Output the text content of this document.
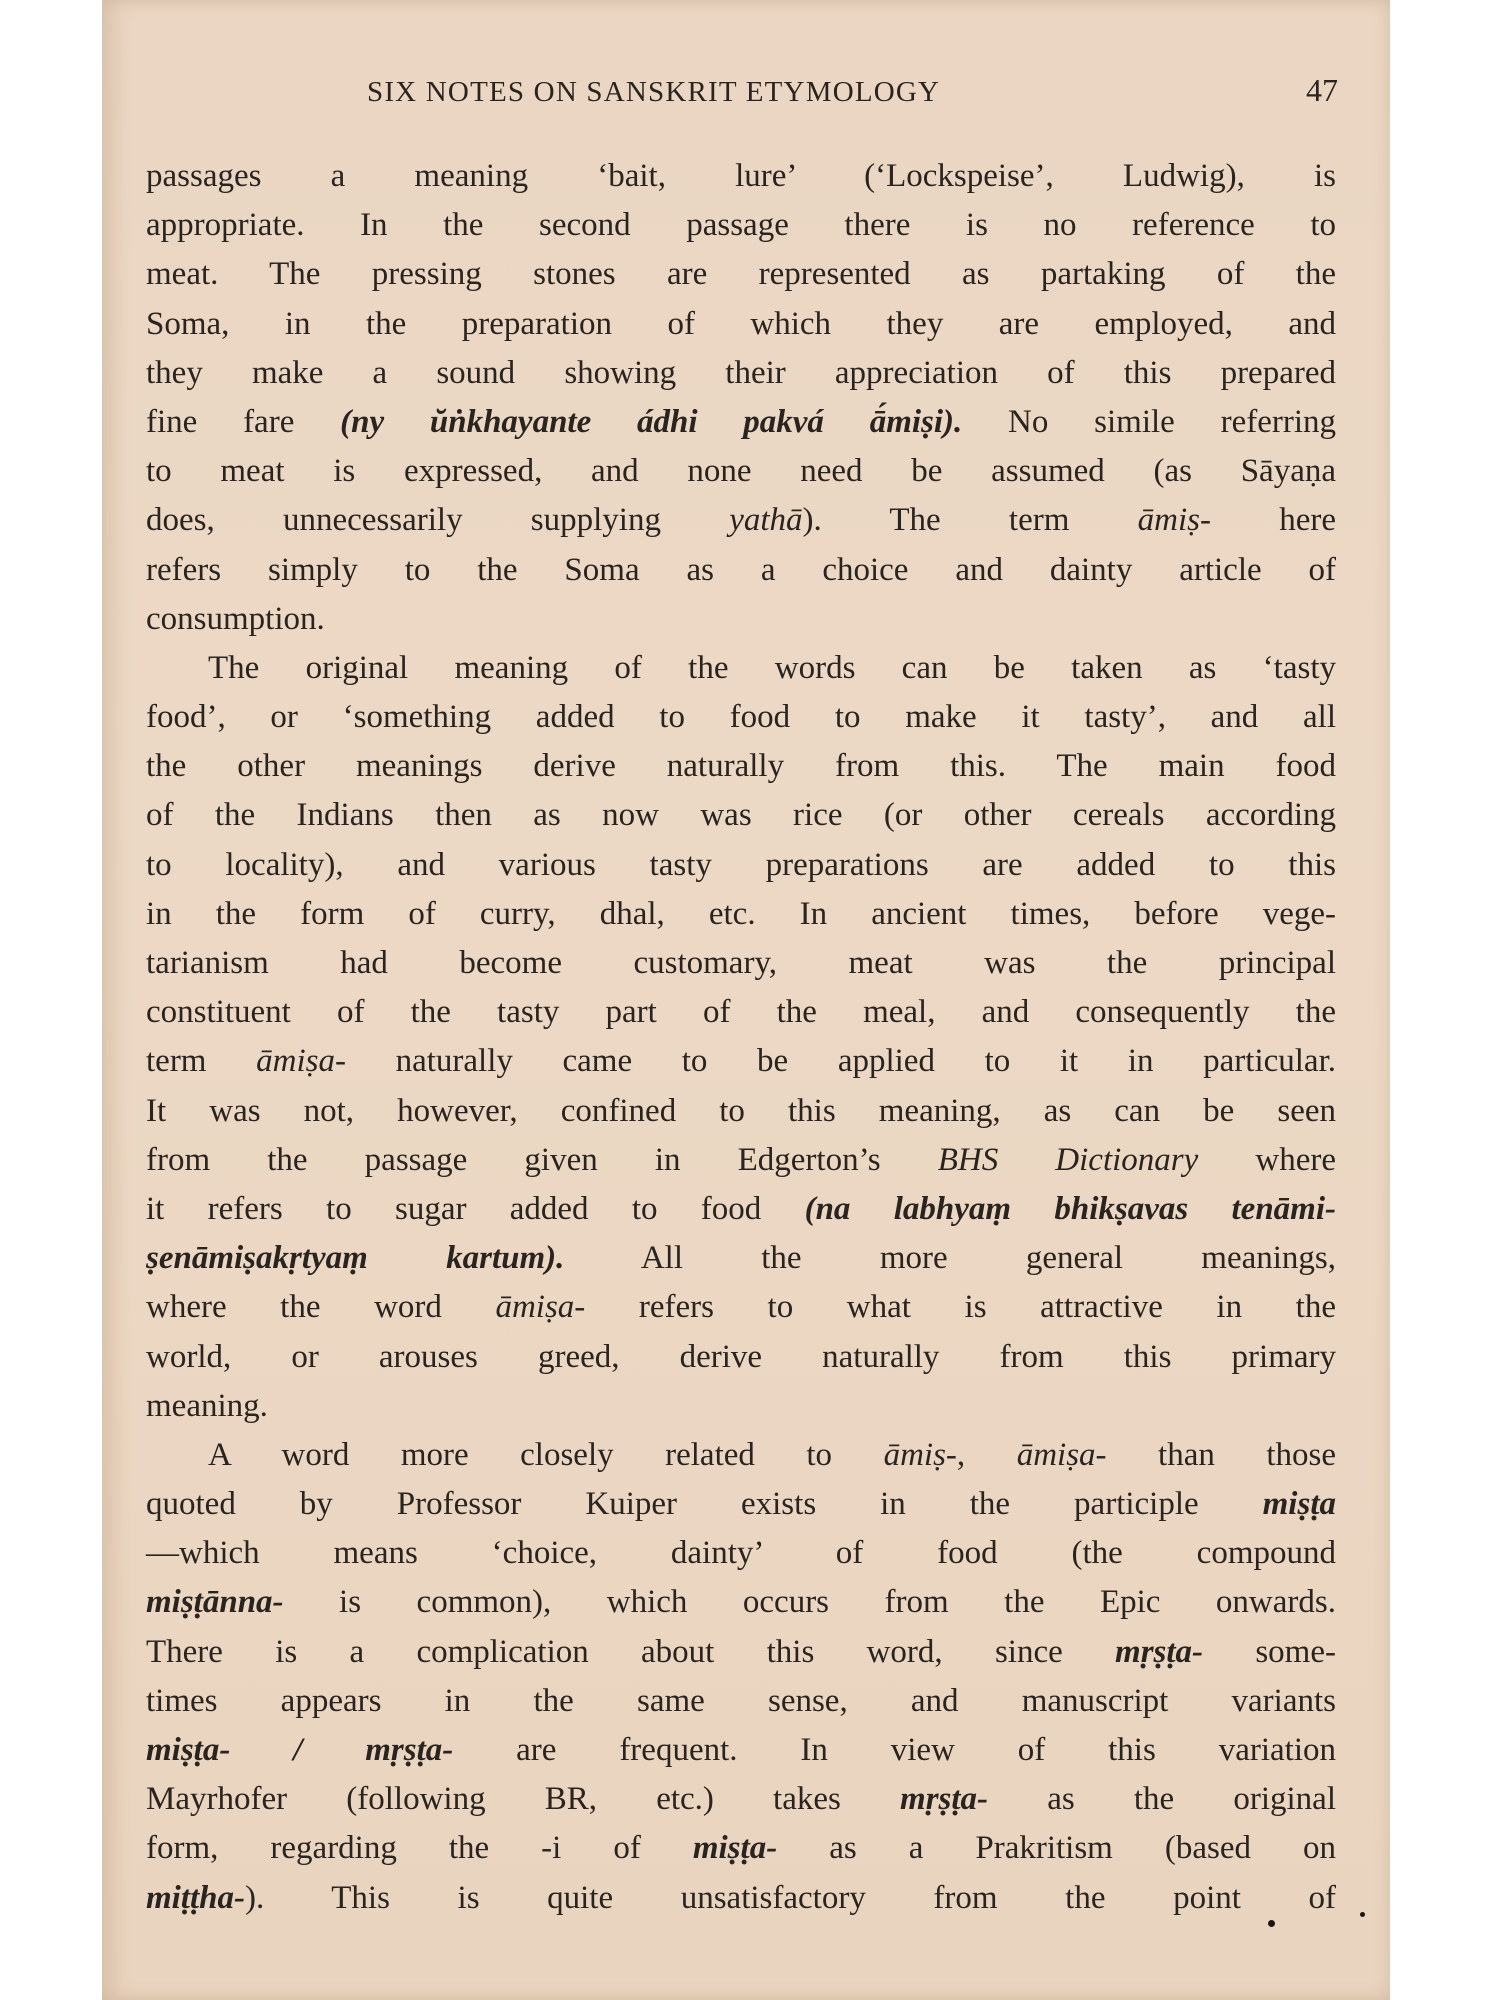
SIX NOTES ON SANSKRIT ETYMOLOGY	47
passages a meaning ‘bait, lure’ (‘Lockspeise’, Ludwig), is
appropriate. In the second passage there is no reference to
meat. The pressing stones are represented as partaking of the
Soma, in the preparation of which they are employed, and
they make a sound showing their appreciation of this prepared
fine fare (ny ŭṅkhayante ádhi pakvá ā́miṣi). No simile referring
to meat is expressed, and none need be assumed (as Sāyaṇa
does, unnecessarily supplying yathā). The term āmiṣ- here
refers simply to the Soma as a choice and dainty article of
consumption.
The original meaning of the words can be taken as ‘tasty
food’, or ‘something added to food to make it tasty’, and all
the other meanings derive naturally from this. The main food
of the Indians then as now was rice (or other cereals according
to locality), and various tasty preparations are added to this
in the form of curry, dhal, etc. In ancient times, before vege-
tarianism had become customary, meat was the principal
constituent of the tasty part of the meal, and consequently the
term āmiṣa- naturally came to be applied to it in particular.
It was not, however, confined to this meaning, as can be seen
from the passage given in Edgerton’s BHS Dictionary where
it refers to sugar added to food (na labhyaṃ bhikṣavas tenāmi-
ṣenāmiṣakṛtyaṃ kartum). All the more general meanings,
where the word āmiṣa- refers to what is attractive in the
world, or arouses greed, derive naturally from this primary
meaning.
A word more closely related to āmiṣ-, āmiṣa- than those
quoted by Professor Kuiper exists in the participle miṣṭa
—which means ‘choice, dainty’ of food (the compound
miṣṭānna- is common), which occurs from the Epic onwards.
There is a complication about this word, since mṛṣṭa- some-
times appears in the same sense, and manuscript variants
miṣṭa- / mṛṣṭa- are frequent. In view of this variation
Mayrhofer (following BR, etc.) takes mṛṣṭa- as the original
form, regarding the -i of miṣṭa- as a Prakritism (based on
miṭṭha-). This is quite unsatisfactory from the point of
